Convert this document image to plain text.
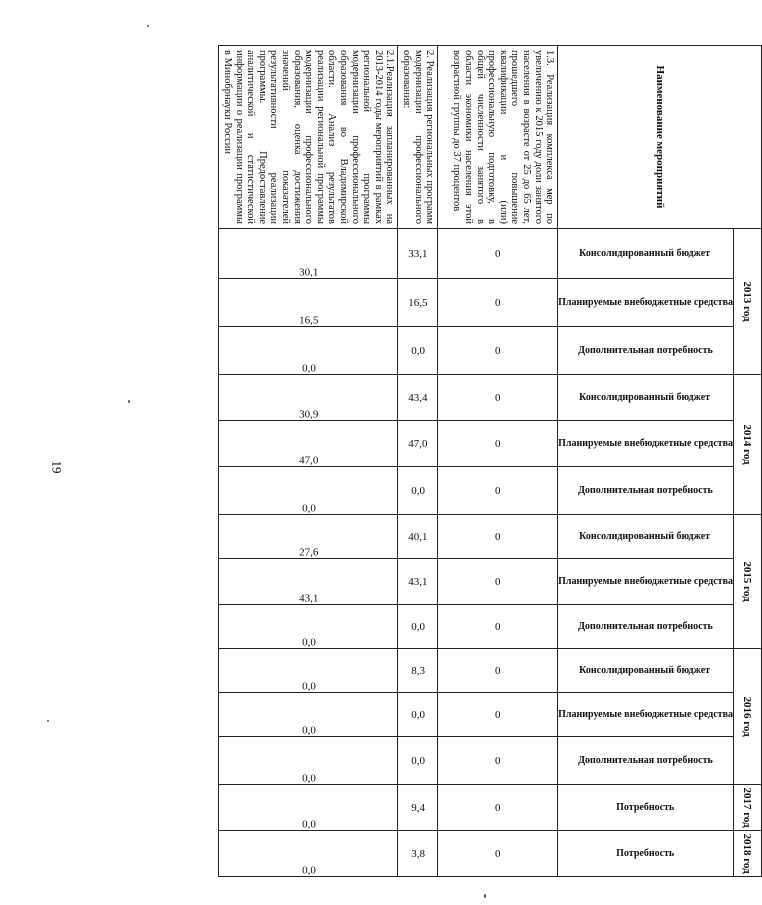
19
Наименование мероприятий	2013 год			2014 год			2015 год			2016 год			2017 год	2018 год
	Консолидированный бюджет	Планируемые внебюджетные средства	Дополнительная потребность	Консолидированный бюджет	Планируемые внебюджетные средства	Дополнительная потребность	Консолидированный бюджет	Планируемые внебюджетные средства	Дополнительная потребность	Консолидированный бюджет	Планируемые внебюджетные средства	Дополнительная потребность	Потребность	Потребность
1.3. Реализация комплекса мер по увеличению к 2015 году доли занятого населения в возрасте от 25 до 65 лет, прошедшего повышение квалификации и (или) профессиональную подготовку, в общей численности занятого в области экономики населения этой возрастной группы до 37 процентов	0	0	0	0	0	0	0	0	0	0	0	0	0	0
2. Реализация региональных программ модернизации профессионального образования:	33,1	16,5	0,0	43,4	47,0	0,0	40,1	43,1	0,0	8,3	0,0	0,0	9,4	3,8
2.1.Реализация запланированных на 2013-2014 годы мероприятий в рамках региональной программы модернизации профессионального образования во Владимирской области. Анализ результатов реализации региональной программы модернизации профессионального образования, оценка достижения значений показателей результативности реализации программы. Предоставление аналитической и статистической информации о реализации программы в Минобрнауки России	30,1	16,5	0,0	30,9	47,0	0,0	27,6	43,1	0,0	0,0	0,0	0,0	0,0	0,0
